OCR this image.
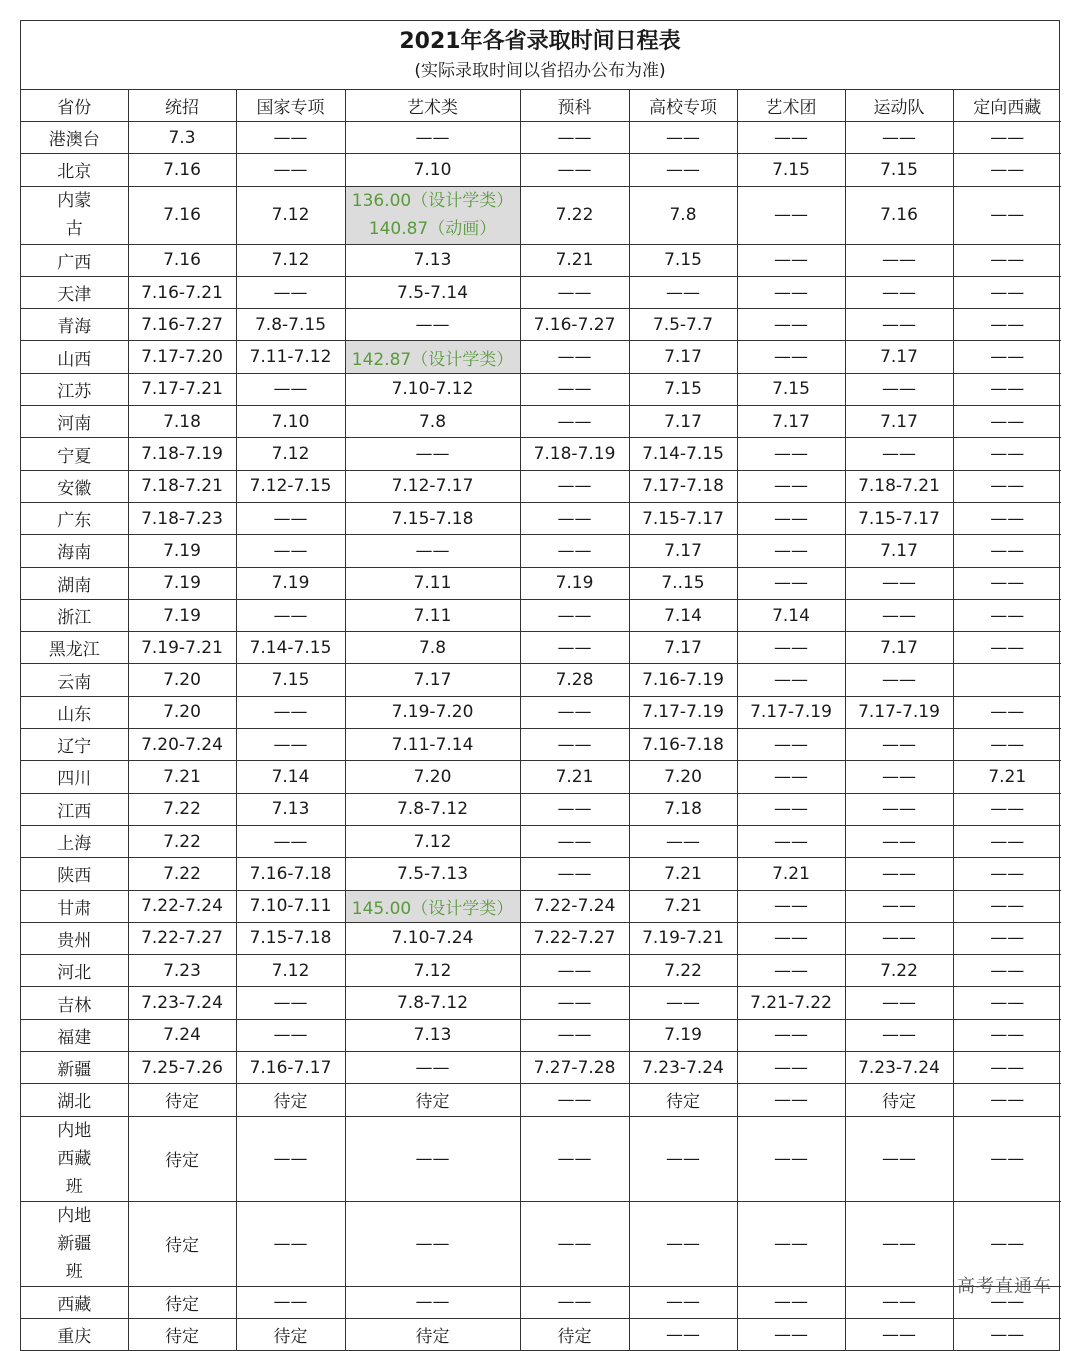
2021年各省录取时间日程表
(实际录取时间以省招办公布为准)
省份	统招	国家专项	艺术类	预科	高校专项	艺术团	运动队	定向西藏
港澳台	7.3	——	——	——	——	——	——	——
北京	7.16	——	7.10	——	——	7.15	7.15	——
内蒙古	7.16	7.12	136.00（设计学类）140.87（动画）	7.22	7.8	——	7.16	——
广西	7.16	7.12	7.13	7.21	7.15	——	——	——
天津	7.16-7.21	——	7.5-7.14	——	——	——	——	——
青海	7.16-7.27	7.8-7.15	——	7.16-7.27	7.5-7.7	——	——	——
山西	7.17-7.20	7.11-7.12	142.87（设计学类）	——	7.17	——	7.17	——
江苏	7.17-7.21	——	7.10-7.12	——	7.15	7.15	——	——
河南	7.18	7.10	7.8	——	7.17	7.17	7.17	——
宁夏	7.18-7.19	7.12	——	7.18-7.19	7.14-7.15	——	——	——
安徽	7.18-7.21	7.12-7.15	7.12-7.17	——	7.17-7.18	——	7.18-7.21	——
广东	7.18-7.23	——	7.15-7.18	——	7.15-7.17	——	7.15-7.17	——
海南	7.19	——	——	——	7.17	——	7.17	——
湖南	7.19	7.19	7.11	7.19	7..15	——	——	——
浙江	7.19	——	7.11	——	7.14	7.14	——	——
黑龙江	7.19-7.21	7.14-7.15	7.8	——	7.17	——	7.17	——
云南	7.20	7.15	7.17	7.28	7.16-7.19	——	——	
山东	7.20	——	7.19-7.20	——	7.17-7.19	7.17-7.19	7.17-7.19	——
辽宁	7.20-7.24	——	7.11-7.14	——	7.16-7.18	——	——	——
四川	7.21	7.14	7.20	7.21	7.20	——	——	7.21
江西	7.22	7.13	7.8-7.12	——	7.18	——	——	——
上海	7.22	——	7.12	——	——	——	——	——
陕西	7.22	7.16-7.18	7.5-7.13	——	7.21	7.21	——	——
甘肃	7.22-7.24	7.10-7.11	145.00（设计学类）	7.22-7.24	7.21	——	——	——
贵州	7.22-7.27	7.15-7.18	7.10-7.24	7.22-7.27	7.19-7.21	——	——	——
河北	7.23	7.12	7.12	——	7.22	——	7.22	——
吉林	7.23-7.24	——	7.8-7.12	——	——	7.21-7.22	——	——
福建	7.24	——	7.13	——	7.19	——	——	——
新疆	7.25-7.26	7.16-7.17	——	7.27-7.28	7.23-7.24	——	7.23-7.24	——
湖北	待定	待定	待定	——	待定	——	待定	——
内地西藏班	待定	——	——	——	——	——	——	——
内地新疆班	待定	——	——	——	——	——	——	——
西藏	待定	——	——	——	——	——	——	——
重庆	待定	待定	待定	待定	——	——	——	——
高考直通车
